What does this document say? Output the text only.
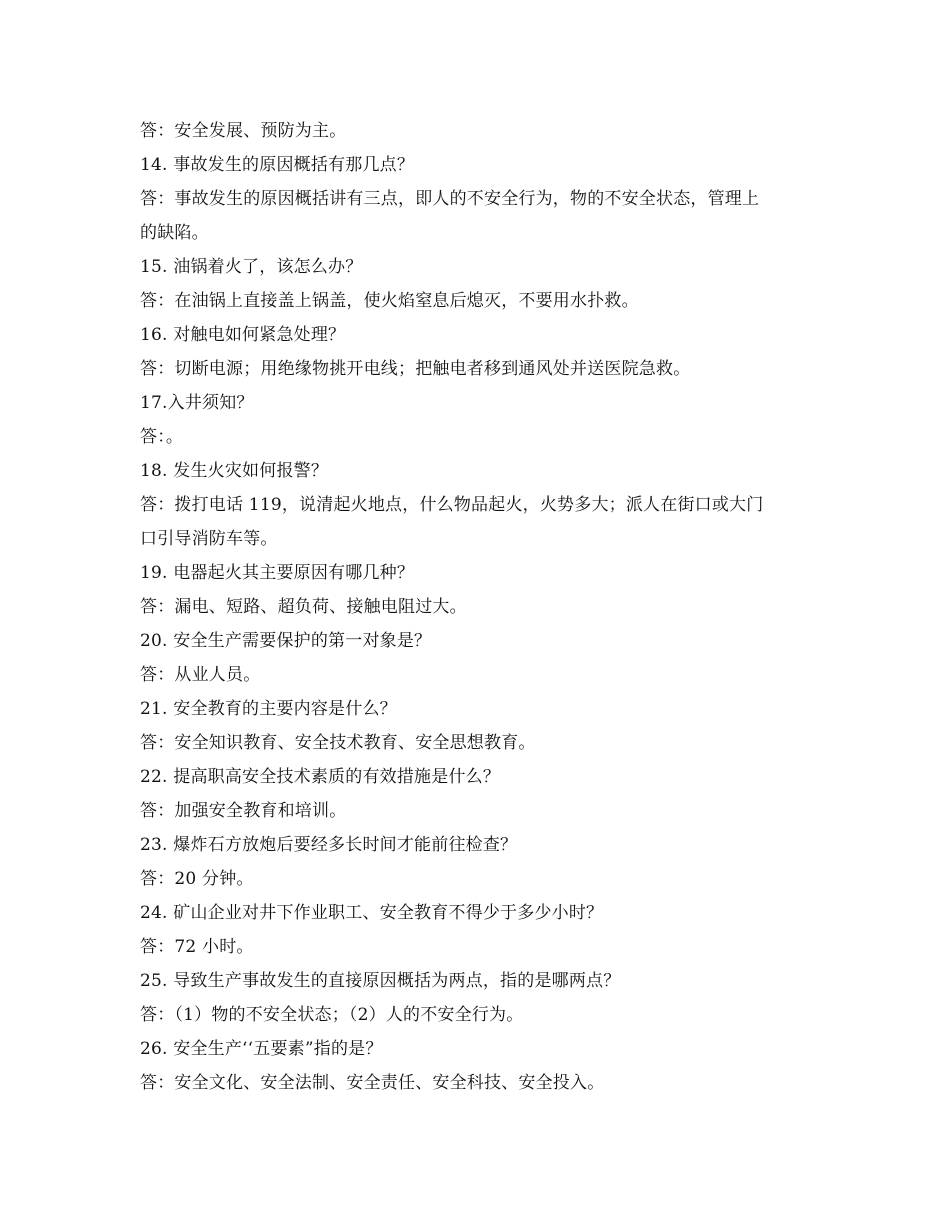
答：安全发展、预防为主。
14. 事故发生的原因概括有那几点？
答：事故发生的原因概括讲有三点，即人的不安全行为，物的不安全状态，管理上
的缺陷。
15. 油锅着火了，该怎么办？
答：在油锅上直接盖上锅盖，使火焰窒息后熄灭，不要用水扑救。
16. 对触电如何紧急处理？
答：切断电源；用绝缘物挑开电线；把触电者移到通风处并送医院急救。
17.入井须知？
答：。
18. 发生火灾如何报警？
答：拨打电话 119，说清起火地点，什么物品起火，火势多大；派人在街口或大门
口引导消防车等。
19. 电器起火其主要原因有哪几种？
答：漏电、短路、超负荷、接触电阻过大。
20. 安全生产需要保护的第一对象是？
答：从业人员。
21. 安全教育的主要内容是什么？
答：安全知识教育、安全技术教育、安全思想教育。
22. 提高职高安全技术素质的有效措施是什么？
答：加强安全教育和培训。
23. 爆炸石方放炮后要经多长时间才能前往检查？
答：20 分钟。
24. 矿山企业对井下作业职工、安全教育不得少于多少小时？
答：72 小时。
25. 导致生产事故发生的直接原因概括为两点，指的是哪两点？
答：（1）物的不安全状态；（2）人的不安全行为。
26. 安全生产‘‘五要素”指的是？
答：安全文化、安全法制、安全责任、安全科技、安全投入。
